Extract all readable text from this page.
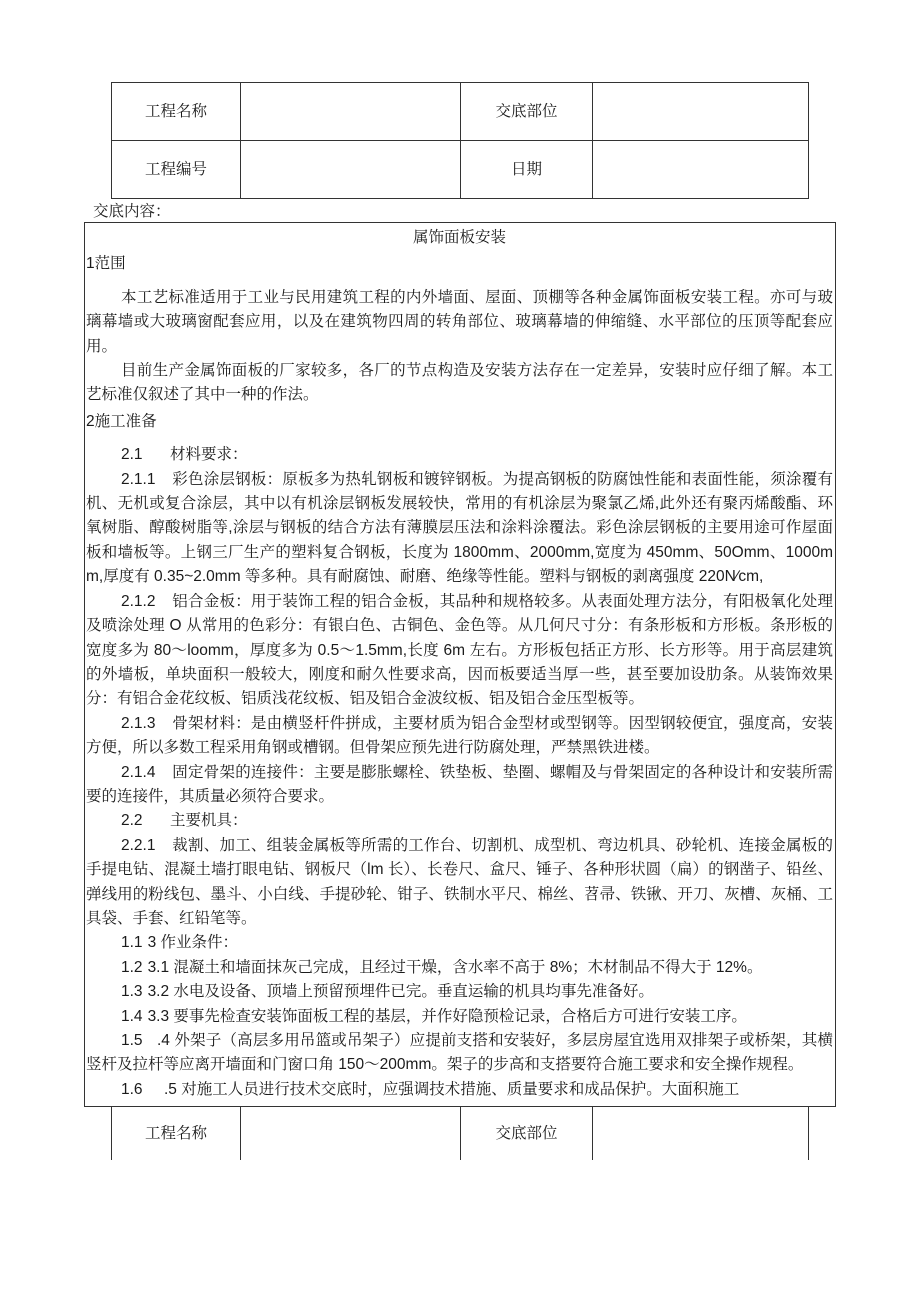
工程名称	交底部位
工程编号	日期
交底内容：

属饰面板安装

1范围

本工艺标准适用于工业与民用建筑工程的内外墙面、屋面、顶棚等各种金属饰面板安装工程。亦可与玻璃幕墙或大玻璃窗配套应用，以及在建筑物四周的转角部位、玻璃幕墙的伸缩缝、水平部位的压顶等配套应用。

目前生产金属饰面板的厂家较多，各厂的节点构造及安装方法存在一定差异，安装时应仔细了解。本工艺标准仅叙述了其中一种的作法。

2施工准备

2.1 材料要求：

2.1.1 彩色涂层钢板：原板多为热轧钢板和镀锌钢板。为提高钢板的防腐蚀性能和表面性能，须涂覆有机、无机或复合涂层，其中以有机涂层钢板发展较快，常用的有机涂层为聚氯乙烯,此外还有聚丙烯酸酯、环氧树脂、醇酸树脂等,涂层与钢板的结合方法有薄膜层压法和涂料涂覆法。彩色涂层钢板的主要用途可作屋面板和墙板等。上钢三厂生产的塑料复合钢板，长度为 1800mm、2000mm,宽度为 450mm、50Omm、1000mm,厚度有 0.35~2.0mm 等多种。具有耐腐蚀、耐磨、绝缘等性能。塑料与钢板的剥离强度 220N∕cm,

2.1.2 铝合金板：用于装饰工程的铝合金板，其品种和规格较多。从表面处理方法分，有阳极氧化处理及喷涂处理 O 从常用的色彩分：有银白色、古铜色、金色等。从几何尺寸分：有条形板和方形板。条形板的宽度多为 80～loomm，厚度多为 0.5～1.5mm,长度 6m 左右。方形板包括正方形、长方形等。用于高层建筑的外墙板，单块面积一般较大，刚度和耐久性要求高，因而板要适当厚一些，甚至要加设肋条。从装饰效果分：有铝合金花纹板、铝质浅花纹板、铝及铝合金波纹板、铝及铝合金压型板等。

2.1.3 骨架材料：是由横竖杆件拼成，主要材质为铝合金型材或型钢等。因型钢较便宜，强度高，安装方便，所以多数工程采用角钢或槽钢。但骨架应预先进行防腐处理，严禁黑铁进楼。

2.1.4 固定骨架的连接件：主要是膨胀螺栓、铁垫板、垫圈、螺帽及与骨架固定的各种设计和安装所需要的连接件，其质量必须符合要求。

2.2 主要机具：

2.2.1 裁割、加工、组装金属板等所需的工作台、切割机、成型机、弯边机具、砂轮机、连接金属板的手提电钻、混凝土墙打眼电钻、钢板尺（lm 长）、长卷尺、盒尺、锤子、各种形状圆（扁）的钢凿子、铅丝、弹线用的粉线包、墨斗、小白线、手提砂轮、钳子、铁制水平尺、棉丝、苕帚、铁锹、开刀、灰槽、灰桶、工具袋、手套、红铅笔等。

1.1 3 作业条件：

1.2 3.1 混凝土和墙面抹灰己完成，且经过干燥，含水率不高于 8%；木材制品不得大于 12%。

1.3 3.2 水电及设备、顶墙上预留预埋件已完。垂直运输的机具均事先准备好。

1.4 3.3 要事先检查安装饰面板工程的基层，并作好隐预检记录，合格后方可进行安装工序。

1.5 .4 外架子（高层多用吊篮或吊架子）应提前支搭和安装好，多层房屋宜选用双排架子或桥架，其横竖杆及拉杆等应离开墙面和门窗口角 150～200mm。架子的步高和支搭要符合施工要求和安全操作规程。

1.6 .5 对施工人员进行技术交底时，应强调技术措施、质量要求和成品保护。大面积施工

工程名称	交底部位
